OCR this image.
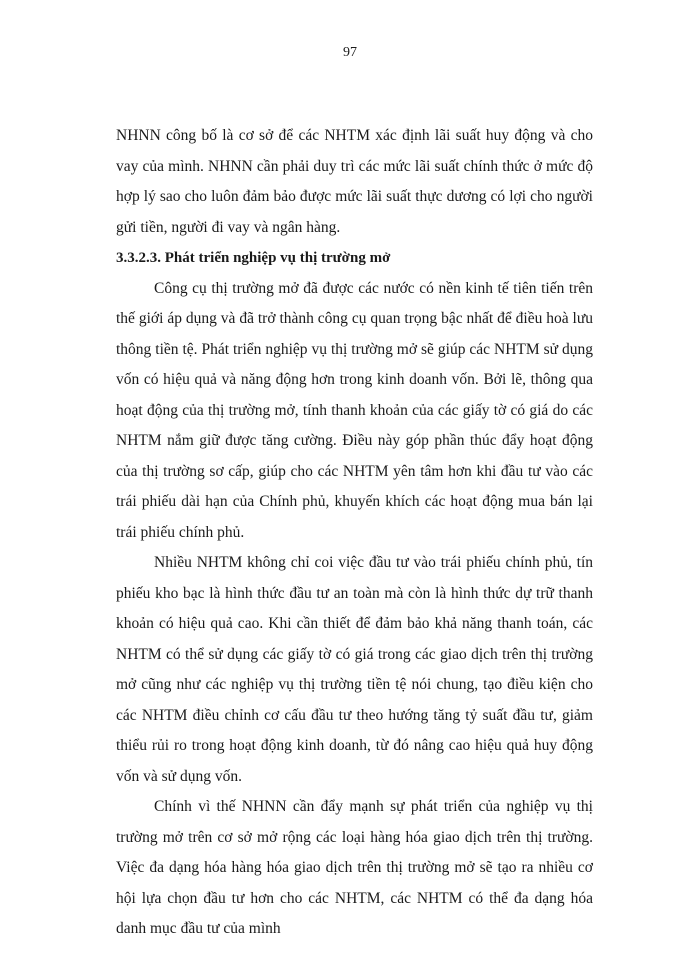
97

NHNN công bố là cơ sở để các NHTM xác định lãi suất huy động và cho vay của mình. NHNN cần phải duy trì các mức lãi suất chính thức ở mức độ hợp lý sao cho luôn đảm bảo được mức lãi suất thực dương có lợi cho người gửi tiền, người đi vay và ngân hàng.

3.3.2.3. Phát triển nghiệp vụ thị trường mở

Công cụ thị trường mở đã được các nước có nền kinh tế tiên tiến trên thế giới áp dụng và đã trở thành công cụ quan trọng bậc nhất để điều hoà lưu thông tiền tệ. Phát triển nghiệp vụ thị trường mở sẽ giúp các NHTM sử dụng vốn có hiệu quả và năng động hơn trong kinh doanh vốn. Bởi lẽ, thông qua hoạt động của thị trường mở, tính thanh khoản của các giấy tờ có giá do các NHTM nắm giữ được tăng cường. Điều này góp phần thúc đẩy hoạt động của thị trường sơ cấp, giúp cho các NHTM yên tâm hơn khi đầu tư vào các trái phiếu dài hạn của Chính phủ, khuyến khích các hoạt động mua bán lại trái phiếu chính phủ.

Nhiều NHTM không chỉ coi việc đầu tư vào trái phiếu chính phủ, tín phiếu kho bạc là hình thức đầu tư an toàn mà còn là hình thức dự trữ thanh khoản có hiệu quả cao. Khi cần thiết để đảm bảo khả năng thanh toán, các NHTM có thể sử dụng các giấy tờ có giá trong các giao dịch trên thị trường mở cũng như các nghiệp vụ thị trường tiền tệ nói chung, tạo điều kiện cho các NHTM điều chỉnh cơ cấu đầu tư theo hướng tăng tỷ suất đầu tư, giảm thiểu rủi ro trong hoạt động kinh doanh, từ đó nâng cao hiệu quả huy động vốn và sử dụng vốn.

Chính vì thế NHNN cần đẩy mạnh sự phát triển của nghiệp vụ thị trường mở trên cơ sở mở rộng các loại hàng hóa giao dịch trên thị trường. Việc đa dạng hóa hàng hóa giao dịch trên thị trường mở sẽ tạo ra nhiều cơ hội lựa chọn đầu tư hơn cho các NHTM, các NHTM có thể đa dạng hóa danh mục đầu tư của mình
